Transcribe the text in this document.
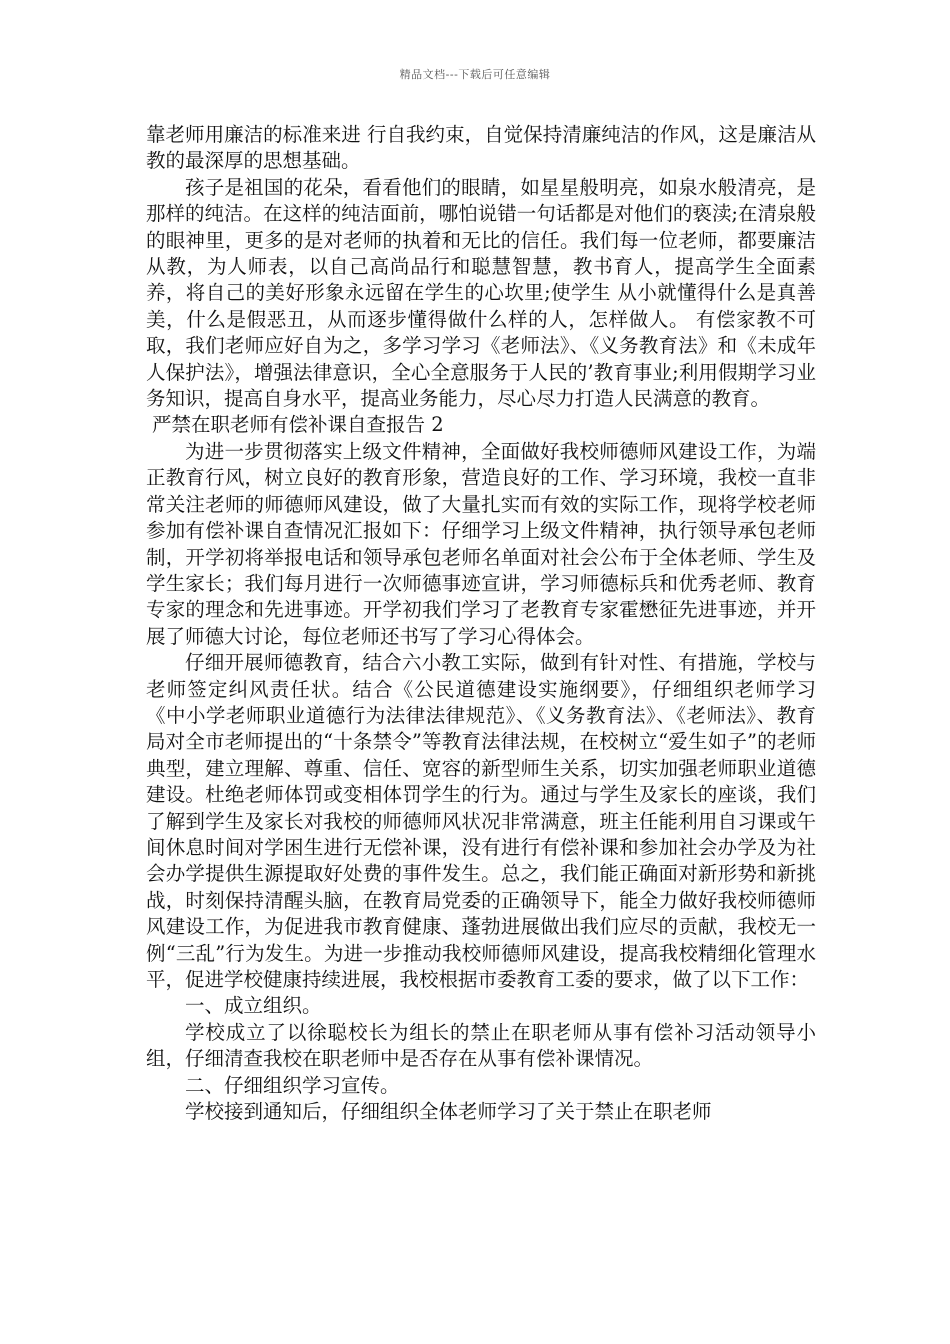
精品文档---下载后可任意编辑

靠老师用廉洁的标准来进 行自我约束，自觉保持清廉纯洁的作风，这是廉洁从教的最深厚的思想基础。

孩子是祖国的花朵，看看他们的眼睛，如星星般明亮，如泉水般清亮，是那样的纯洁。在这样的纯洁面前，哪怕说错一句话都是对他们的亵渎;在清泉般的眼神里，更多的是对老师的执着和无比的信任。我们每一位老师，都要廉洁从教，为人师表，以自己高尚品行和聪慧智慧，教书育人，提高学生全面素养，将自己的美好形象永远留在学生的心坎里;使学生 从小就懂得什么是真善美，什么是假恶丑，从而逐步懂得做什么样的人，怎样做人。 有偿家教不可取，我们老师应好自为之，多学习学习《老师法》、《义务教育法》和《未成年人保护法》，增强法律意识，全心全意服务于人民的’教育事业;利用假期学习业务知识，提高自身水平，提高业务能力，尽心尽力打造人民满意的教育。

严禁在职老师有偿补课自查报告 2

为进一步贯彻落实上级文件精神，全面做好我校师德师风建设工作，为端正教育行风，树立良好的教育形象，营造良好的工作、学习环境，我校一直非常关注老师的师德师风建设，做了大量扎实而有效的实际工作，现将学校老师参加有偿补课自查情况汇报如下：仔细学习上级文件精神，执行领导承包老师制，开学初将举报电话和领导承包老师名单面对社会公布于全体老师、学生及学生家长；我们每月进行一次师德事迹宣讲，学习师德标兵和优秀老师、教育专家的理念和先进事迹。开学初我们学习了老教育专家霍懋征先进事迹，并开展了师德大讨论，每位老师还书写了学习心得体会。

仔细开展师德教育，结合六小教工实际，做到有针对性、有措施，学校与老师签定纠风责任状。结合《公民道德建设实施纲要》，仔细组织老师学习《中小学老师职业道德行为法律法律规范》、《义务教育法》、《老师法》、教育局对全市老师提出的“十条禁令”等教育法律法规，在校树立“爱生如子”的老师典型，建立理解、尊重、信任、宽容的新型师生关系，切实加强老师职业道德建设。杜绝老师体罚或变相体罚学生的行为。通过与学生及家长的座谈，我们了解到学生及家长对我校的师德师风状况非常满意，班主任能利用自习课或午间休息时间对学困生进行无偿补课，没有进行有偿补课和参加社会办学及为社会办学提供生源提取好处费的事件发生。总之，我们能正确面对新形势和新挑战，时刻保持清醒头脑，在教育局党委的正确领导下，能全力做好我校师德师风建设工作，为促进我市教育健康、蓬勃进展做出我们应尽的贡献，我校无一例“三乱”行为发生。为进一步推动我校师德师风建设，提高我校精细化管理水平，促进学校健康持续进展，我校根据市委教育工委的要求，做了以下工作：

一、成立组织。

学校成立了以徐聪校长为组长的禁止在职老师从事有偿补习活动领导小组，仔细清查我校在职老师中是否存在从事有偿补课情况。

二、仔细组织学习宣传。

学校接到通知后，仔细组织全体老师学习了关于禁止在职老师
